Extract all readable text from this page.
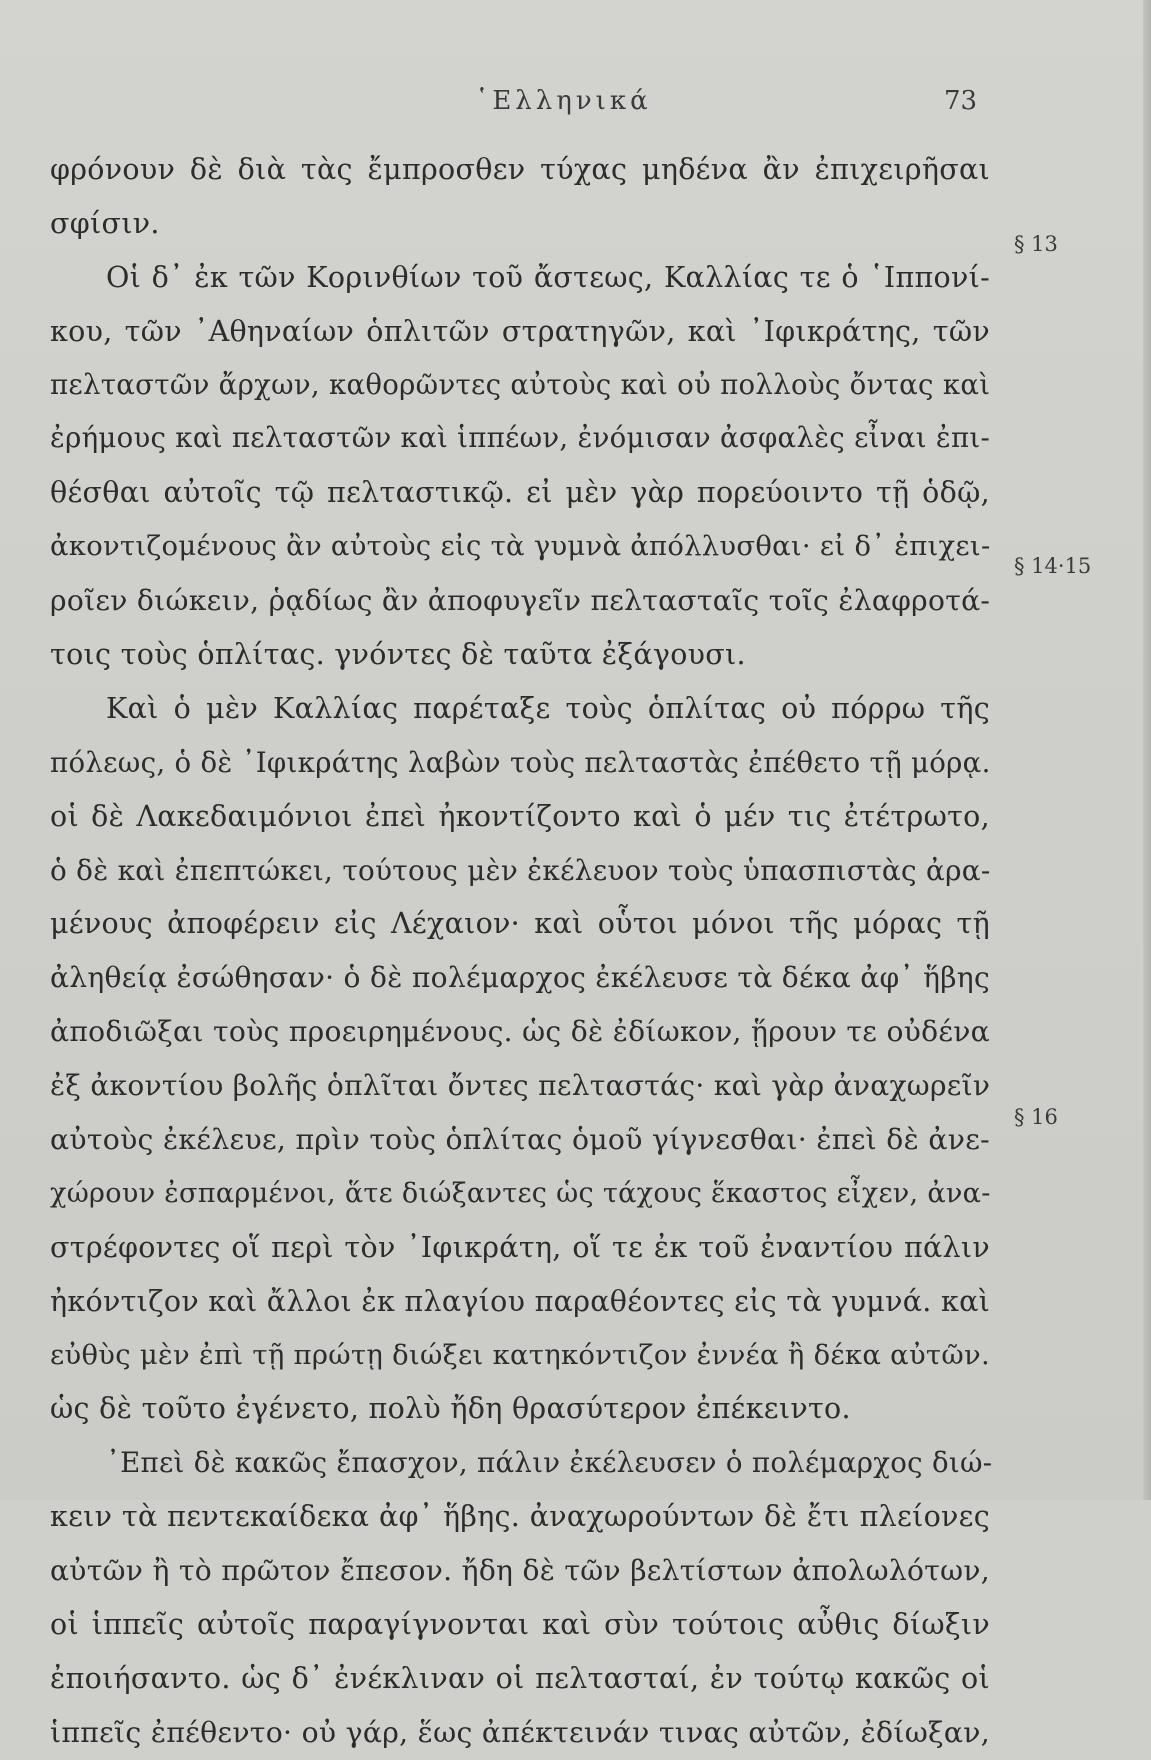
῾Ελληνικά	73
φρόνουν δὲ διὰ τὰς ἔμπροσθεν τύχας μηδένα ἂν ἐπιχειρῆσαι
σφίσιν.
Οἱ δ᾽ ἐκ τῶν Κορινθίων τοῦ ἄστεως, Καλλίας τε ὁ ῾Ιππονί-
κου, τῶν ᾽Αθηναίων ὁπλιτῶν στρατηγῶν, καὶ ᾽Ιφικράτης, τῶν
πελταστῶν ἄρχων, καθορῶντες αὐτοὺς καὶ οὐ πολλοὺς ὄντας καὶ
ἐρήμους καὶ πελταστῶν καὶ ἱππέων, ἐνόμισαν ἀσφαλὲς εἶναι ἐπι-
θέσθαι αὐτοῖς τῷ πελταστικῷ. εἰ μὲν γὰρ πορεύοιντο τῇ ὁδῷ,
ἀκοντιζομένους ἂν αὐτοὺς εἰς τὰ γυμνὰ ἀπόλλυσθαι· εἰ δ᾽ ἐπιχει-
ροῖεν διώκειν, ῥᾳδίως ἂν ἀποφυγεῖν πελτασταῖς τοῖς ἐλαφροτά-
τοις τοὺς ὁπλίτας. γνόντες δὲ ταῦτα ἐξάγουσι.
Καὶ ὁ μὲν Καλλίας παρέταξε τοὺς ὁπλίτας οὐ πόρρω τῆς
πόλεως, ὁ δὲ ᾽Ιφικράτης λαβὼν τοὺς πελταστὰς ἐπέθετο τῇ μόρᾳ.
οἱ δὲ Λακεδαιμόνιοι ἐπεὶ ἠκοντίζοντο καὶ ὁ μέν τις ἐτέτρωτο,
ὁ δὲ καὶ ἐπεπτώκει, τούτους μὲν ἐκέλευον τοὺς ὑπασπιστὰς ἀρα-
μένους ἀποφέρειν εἰς Λέχαιον· καὶ οὗτοι μόνοι τῆς μόρας τῇ
ἀληθείᾳ ἐσώθησαν· ὁ δὲ πολέμαρχος ἐκέλευσε τὰ δέκα ἀφ᾽ ἥβης
ἀποδιῶξαι τοὺς προειρημένους. ὡς δὲ ἐδίωκον, ᾕρουν τε οὐδένα
ἐξ ἀκοντίου βολῆς ὁπλῖται ὄντες πελταστάς· καὶ γὰρ ἀναχωρεῖν
αὐτοὺς ἐκέλευε, πρὶν τοὺς ὁπλίτας ὁμοῦ γίγνεσθαι· ἐπεὶ δὲ ἀνε-
χώρουν ἐσπαρμένοι, ἅτε διώξαντες ὡς τάχους ἕκαστος εἶχεν, ἀνα-
στρέφοντες οἵ περὶ τὸν ᾽Ιφικράτη, οἵ τε ἐκ τοῦ ἐναντίου πάλιν
ἠκόντιζον καὶ ἄλλοι ἐκ πλαγίου παραθέοντες εἰς τὰ γυμνά. καὶ
εὐθὺς μὲν ἐπὶ τῇ πρώτῃ διώξει κατηκόντιζον ἐννέα ἢ δέκα αὐτῶν.
ὡς δὲ τοῦτο ἐγένετο, πολὺ ἤδη θρασύτερον ἐπέκειντο.
᾽Επεὶ δὲ κακῶς ἔπασχον, πάλιν ἐκέλευσεν ὁ πολέμαρχος διώ-
κειν τὰ πεντεκαίδεκα ἀφ᾽ ἥβης. ἀναχωρούντων δὲ ἔτι πλείονες
αὐτῶν ἢ τὸ πρῶτον ἔπεσον. ἤδη δὲ τῶν βελτίστων ἀπολωλότων,
οἱ ἱππεῖς αὐτοῖς παραγίγνονται καὶ σὺν τούτοις αὖθις δίωξιν
ἐποιήσαντο. ὡς δ᾽ ἐνέκλιναν οἱ πελτασταί, ἐν τούτῳ κακῶς οἱ
ἱππεῖς ἐπέθεντο· οὐ γάρ, ἕως ἀπέκτεινάν τινας αὐτῶν, ἐδίωξαν,
§ 13
§ 14·15
§ 16
